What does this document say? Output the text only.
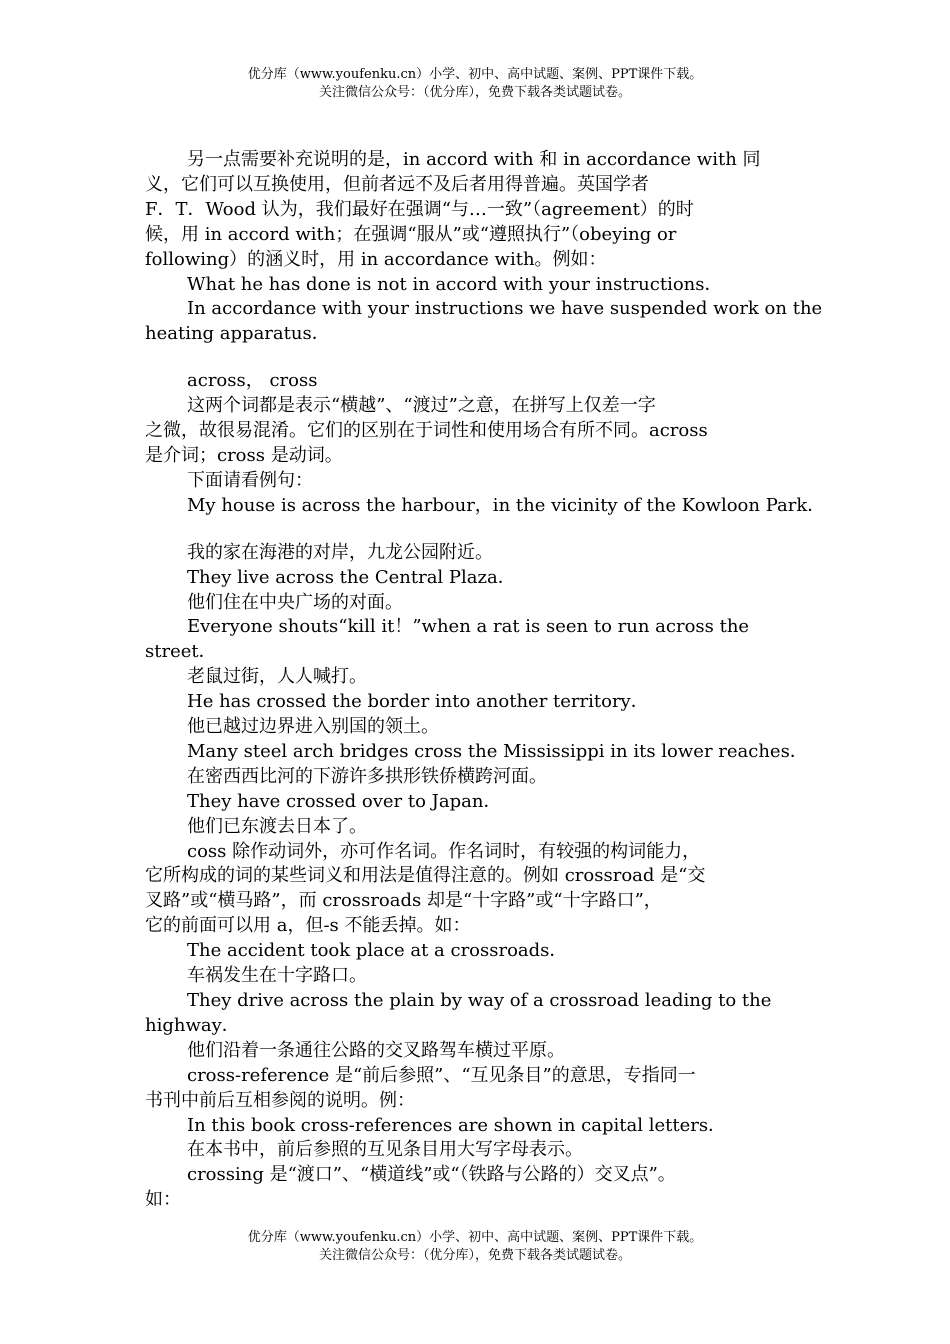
优分库（www.youfenku.cn）小学、初中、高中试题、案例、PPT课件下载。
关注微信公众号：（优分库），免费下载各类试题试卷。

另一点需要补充说明的是，in accord with 和 in accordance with 同

义，它们可以互换使用，但前者远不及后者用得普遍。英国学者

F．T．Wood 认为，我们最好在强调“与…一致”（agreement）的时

候，用 in accord with；在强调“服从”或“遵照执行”（obeying or

following）的涵义时，用 in accordance with。例如：

What he has done is not in accord with your instructions．

In accordance with your instructions we have suspended work on the

heating apparatus．

across， cross

这两个词都是表示“横越”、“渡过”之意，在拼写上仅差一字

之微，故很易混淆。它们的区别在于词性和使用场合有所不同。across

是介词；cross 是动词。

下面请看例句：

My house is across the harbour，in the vicinity of the Kowloon Park．

我的家在海港的对岸，九龙公园附近。

They live across the Central Plaza．

他们住在中央广场的对面。

Everyone shouts“kill it！”when a rat is seen to run across the

street．

老鼠过街，人人喊打。

He has crossed the border into another territory．

他已越过边界进入别国的领土。

Many steel arch bridges cross the Mississippi in its lower reaches．

在密西西比河的下游许多拱形铁侨横跨河面。

They have crossed over to Japan．

他们已东渡去日本了。

coss 除作动词外，亦可作名词。作名词时，有较强的构词能力，

它所构成的词的某些词义和用法是值得注意的。例如 crossroad 是“交

叉路”或“横马路”，而 crossroads 却是“十字路”或“十字路口”，

它的前面可以用 a，但-s 不能丢掉。如：

The accident took place at a crossroads．

车祸发生在十字路口。

They drive across the plain by way of a crossroad leading to the

highway．

他们沿着一条通往公路的交叉路驾车横过平原。

cross-reference 是“前后参照”、“互见条目”的意思，专指同一

书刊中前后互相参阅的说明。例：

In this book cross-references are shown in capital letters．

在本书中，前后参照的互见条目用大写字母表示。

crossing 是“渡口”、“横道线”或“（铁路与公路的）交叉点”。

如：

优分库（www.youfenku.cn）小学、初中、高中试题、案例、PPT课件下载。
关注微信公众号：（优分库），免费下载各类试题试卷。
